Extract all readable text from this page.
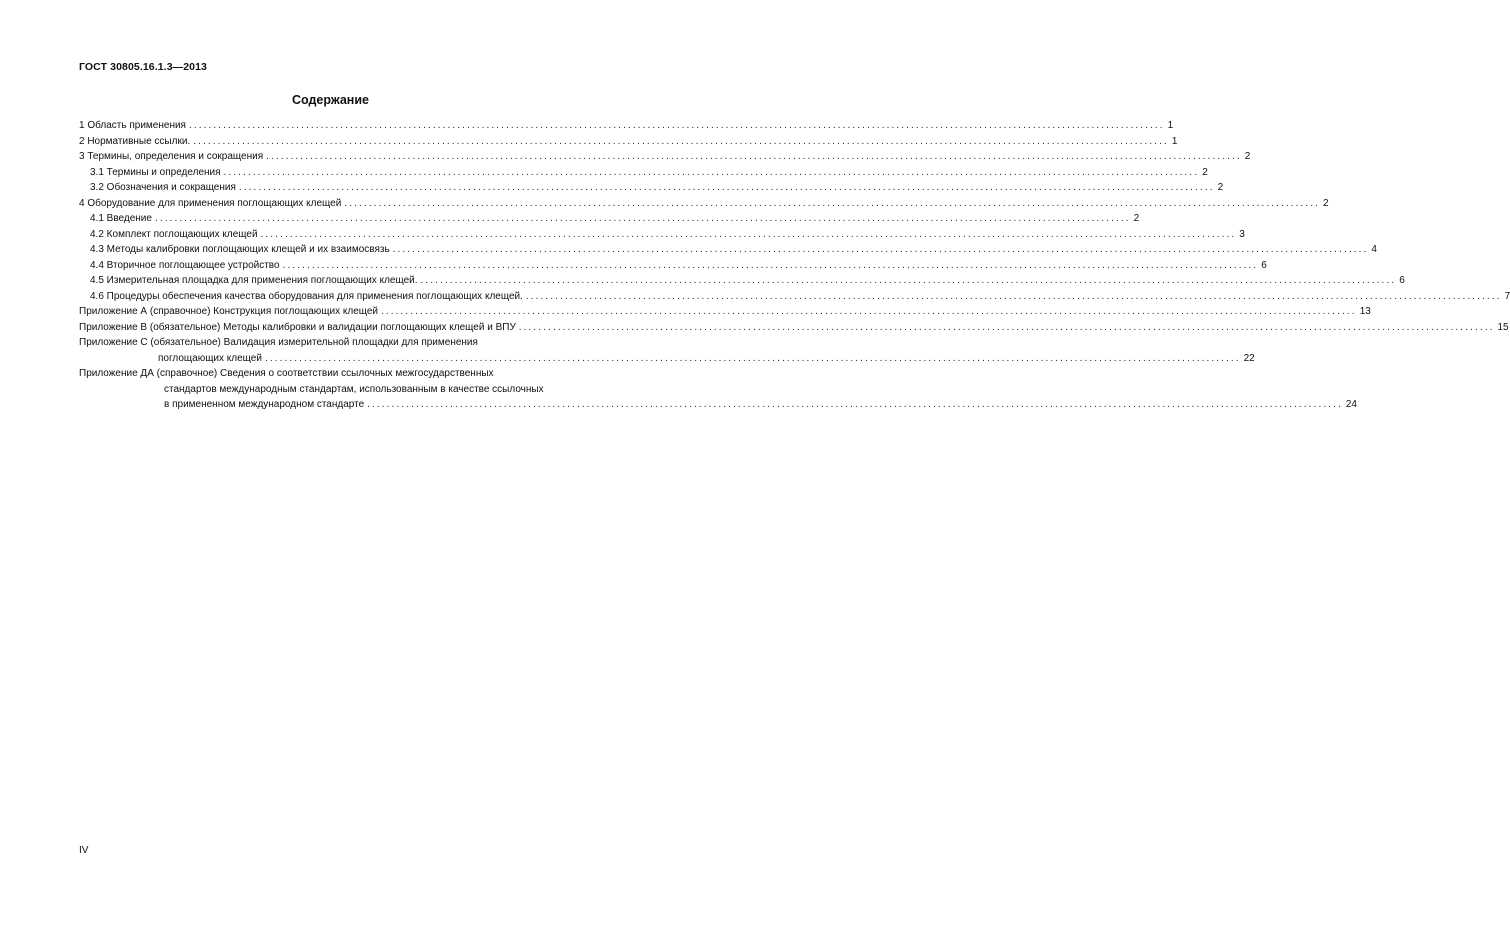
ГОСТ 30805.16.1.3—2013
Содержание
1 Область применения ........................................................................................................................................................................................................ 1
2 Нормативные ссылки. ........................................................................................................................................................................................................ 1
3 Термины, определения и сокращения ........................................................................................................................................................................................................ 2
3.1 Термины и определения ........................................................................................................................................................................................................ 2
3.2 Обозначения и сокращения ........................................................................................................................................................................................................ 2
4 Оборудование для применения поглощающих клещей ........................................................................................................................................................................................................ 2
4.1 Введение ........................................................................................................................................................................................................ 2
4.2 Комплект поглощающих клещей ........................................................................................................................................................................................................ 3
4.3 Методы калибровки поглощающих клещей и их взаимосвязь ........................................................................................................................................................................................................ 4
4.4 Вторичное поглощающее устройство ........................................................................................................................................................................................................ 6
4.5 Измерительная площадка для применения поглощающих клещей. ........................................................................................................................................................................................................ 6
4.6 Процедуры обеспечения качества оборудования для применения поглощающих клещей. ........................................................................................................................................................................................................ 7
Приложение А (справочное) Конструкция поглощающих клещей ........................................................................................................................................................................................................ 13
Приложение В (обязательное) Методы калибровки и валидации поглощающих клещей и ВПУ ........................................................................................................................................................................................................ 15
Приложение С (обязательное) Валидация измерительной площадки для применения
поглощающих клещей ........................................................................................................................................................................................................ 22
Приложение ДА (справочное) Сведения о соответствии ссылочных межгосударственных
стандартов международным стандартам, использованным в качестве ссылочных
в примененном международном стандарте ........................................................................................................................................................................................................ 24
IV
